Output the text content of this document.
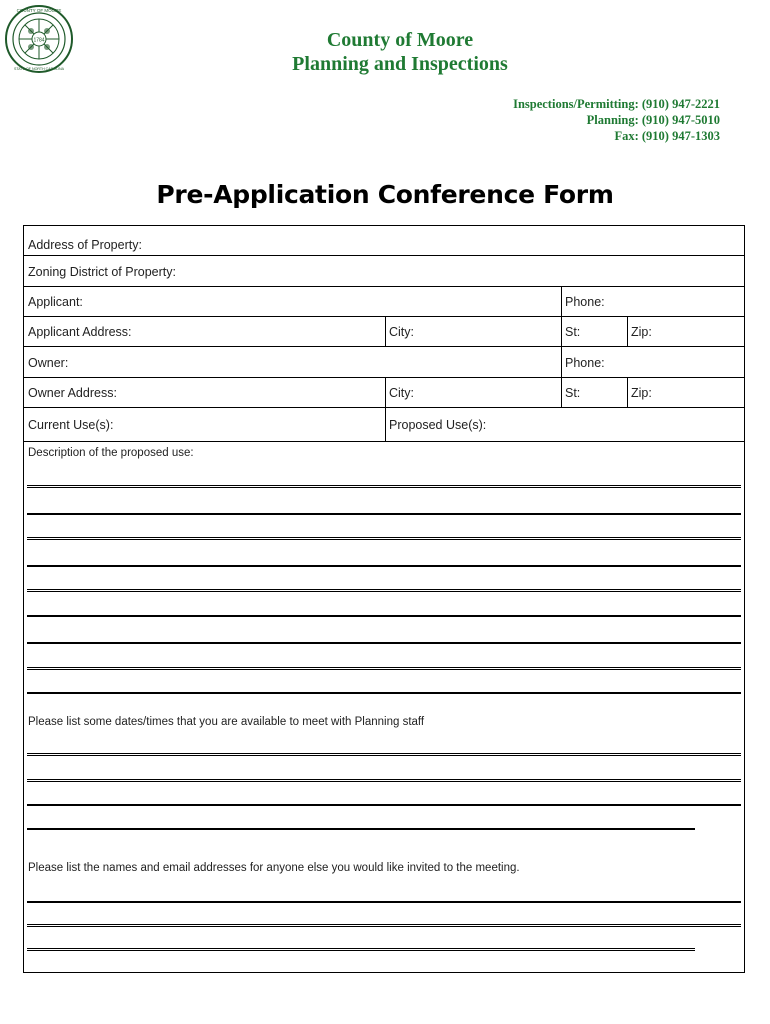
1784
COUNTY OF MOORE
STATE OF NORTH CAROLINA
County of Moore
Planning and Inspections
Inspections/Permitting: (910) 947-2221
Planning: (910) 947-5010
Fax: (910) 947-1303
Pre-Application Conference Form
Address of Property:
Zoning District of Property:
Applicant:	Phone:
Applicant Address:	City:	St:	Zip:
Owner:	Phone:
Owner Address:	City:	St:	Zip:
Current Use(s):	Proposed Use(s):
Description of the proposed use:
Please list some dates/times that you are available to meet with Planning staff
Please list the names and email addresses for anyone else you would like invited to the meeting.
